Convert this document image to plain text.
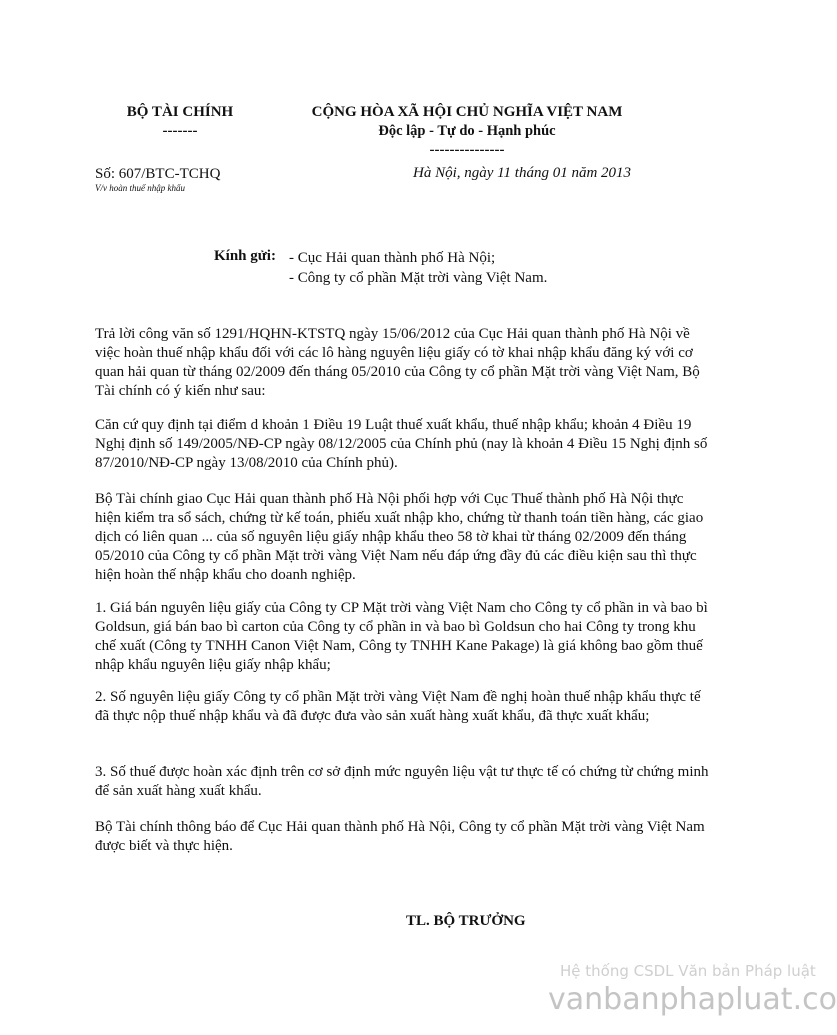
BỘ TÀI CHÍNH
-------
CỘNG HÒA XÃ HỘI CHỦ NGHĨA VIỆT NAM
Độc lập - Tự do - Hạnh phúc
---------------
Số: 607/BTC-TCHQ
V/v hoàn thuế nhập khẩu
Hà Nội, ngày 11 tháng 01 năm 2013
Kính gửi: - Cục Hải quan thành phố Hà Nội;
- Công ty cổ phần Mặt trời vàng Việt Nam.
Trả lời công văn số 1291/HQHN-KTSTQ ngày 15/06/2012 của Cục Hải quan thành phố Hà Nội về việc hoàn thuế nhập khẩu đối với các lô hàng nguyên liệu giấy có tờ khai nhập khẩu đăng ký với cơ quan hải quan từ tháng 02/2009 đến tháng 05/2010 của Công ty cổ phần Mặt trời vàng Việt Nam, Bộ Tài chính có ý kiến như sau:
Căn cứ quy định tại điểm d khoản 1 Điều 19 Luật thuế xuất khẩu, thuế nhập khẩu; khoản 4 Điều 19 Nghị định số 149/2005/NĐ-CP ngày 08/12/2005 của Chính phủ (nay là khoản 4 Điều 15 Nghị định số 87/2010/NĐ-CP ngày 13/08/2010 của Chính phủ).
Bộ Tài chính giao Cục Hải quan thành phố Hà Nội phối hợp với Cục Thuế thành phố Hà Nội thực hiện kiểm tra sổ sách, chứng từ kế toán, phiếu xuất nhập kho, chứng từ thanh toán tiền hàng, các giao dịch có liên quan ... của số nguyên liệu giấy nhập khẩu theo 58 tờ khai từ tháng 02/2009 đến tháng 05/2010 của Công ty cổ phần Mặt trời vàng Việt Nam nếu đáp ứng đầy đủ các điều kiện sau thì thực hiện hoàn thế nhập khẩu cho doanh nghiệp.
1. Giá bán nguyên liệu giấy của Công ty CP Mặt trời vàng Việt Nam cho Công ty cổ phần in và bao bì Goldsun, giá bán bao bì carton của Công ty cổ phần in và bao bì Goldsun cho hai Công ty trong khu chế xuất (Công ty TNHH Canon Việt Nam, Công ty TNHH Kane Pakage) là giá không bao gồm thuế nhập khẩu nguyên liệu giấy nhập khẩu;
2. Số nguyên liệu giấy Công ty cổ phần Mặt trời vàng Việt Nam đề nghị hoàn thuế nhập khẩu thực tế đã thực nộp thuế nhập khẩu và đã được đưa vào sản xuất hàng xuất khẩu, đã thực xuất khẩu;
3. Số thuế được hoàn xác định trên cơ sở định mức nguyên liệu vật tư thực tế có chứng từ chứng minh để sản xuất hàng xuất khẩu.
Bộ Tài chính thông báo để Cục Hải quan thành phố Hà Nội, Công ty cổ phần Mặt trời vàng Việt Nam được biết và thực hiện.
TL. BỘ TRƯỞNG
Hệ thống CSDL Văn bản Pháp luật
vanbanphapluat.co
